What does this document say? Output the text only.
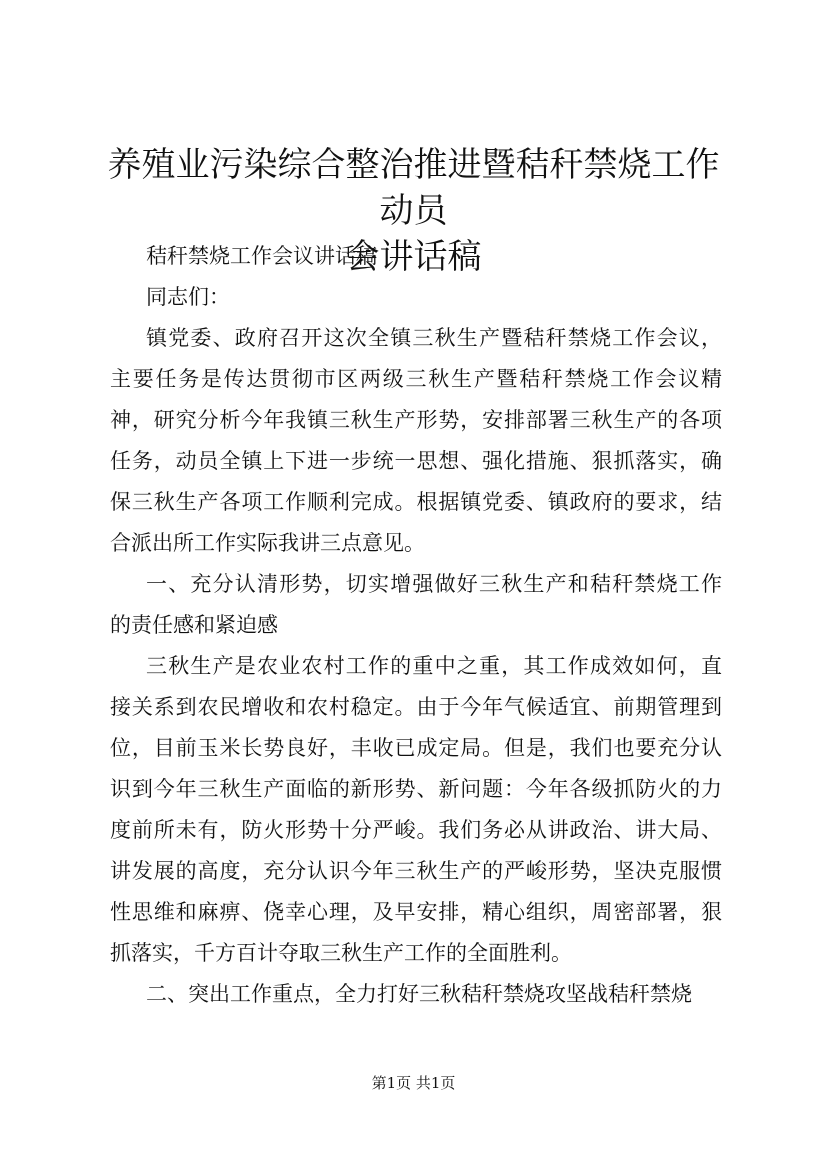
养殖业污染综合整治推进暨秸秆禁烧工作动员
会讲话稿
秸秆禁烧工作会议讲话稿
同志们：
镇党委、政府召开这次全镇三秋生产暨秸秆禁烧工作会议，
主要任务是传达贯彻市区两级三秋生产暨秸秆禁烧工作会议精
神，研究分析今年我镇三秋生产形势，安排部署三秋生产的各项
任务，动员全镇上下进一步统一思想、强化措施、狠抓落实，确
保三秋生产各项工作顺利完成。根据镇党委、镇政府的要求，结
合派出所工作实际我讲三点意见。
一、充分认清形势，切实增强做好三秋生产和秸秆禁烧工作
的责任感和紧迫感
三秋生产是农业农村工作的重中之重，其工作成效如何，直
接关系到农民增收和农村稳定。由于今年气候适宜、前期管理到
位，目前玉米长势良好，丰收已成定局。但是，我们也要充分认
识到今年三秋生产面临的新形势、新问题：今年各级抓防火的力
度前所未有，防火形势十分严峻。我们务必从讲政治、讲大局、
讲发展的高度，充分认识今年三秋生产的严峻形势，坚决克服惯
性思维和麻痹、侥幸心理，及早安排，精心组织，周密部署，狠
抓落实，千方百计夺取三秋生产工作的全面胜利。
二、突出工作重点，全力打好三秋秸秆禁烧攻坚战秸秆禁烧
第1页 共1页
